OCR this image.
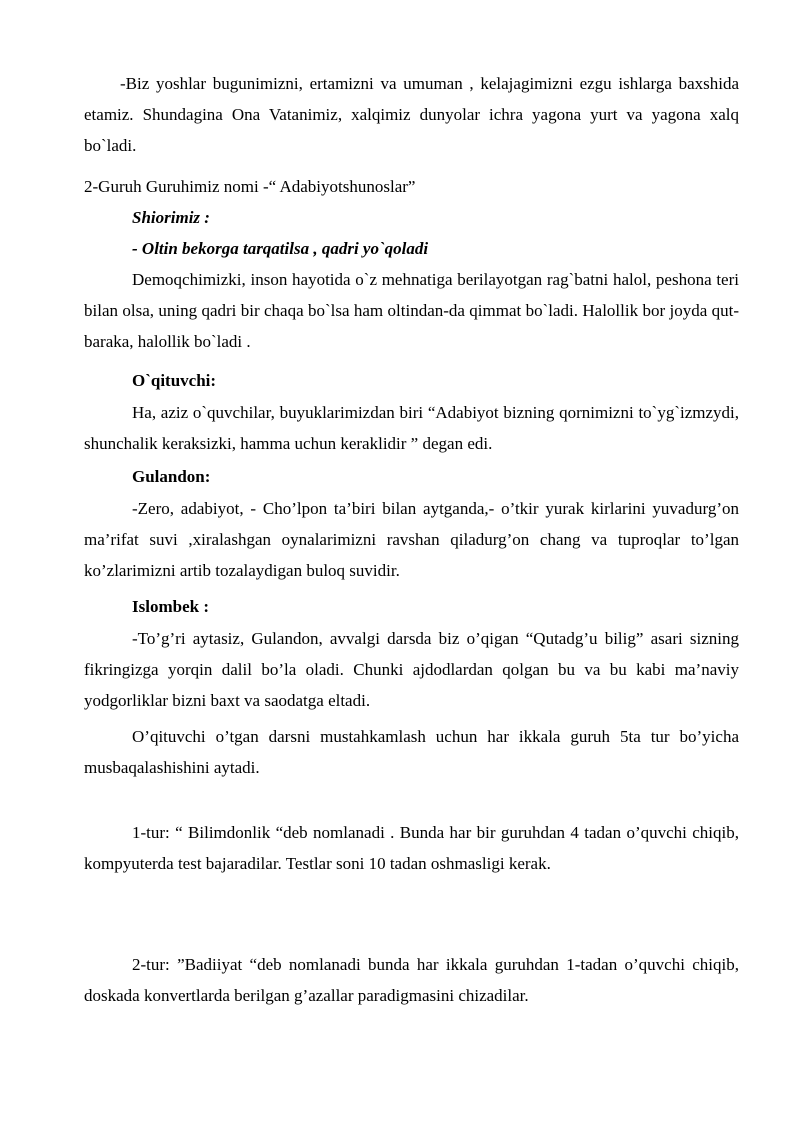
-Biz yoshlar bugunimizni, ertamizni va umuman , kelajagimizni ezgu ishlarga baxshida etamiz. Shundagina Ona Vatanimiz, xalqimiz dunyolar ichra yagona yurt va yagona xalq bo`ladi.

2-Guruh Guruhimiz nomi -“ Adabiyotshunoslar”

Shiorimiz :

- Oltin bekorga tarqatilsa , qadri yo`qoladi

Demoqchimizki, inson hayotida o`z mehnatiga berilayotgan rag`batni halol, peshona teri bilan olsa, uning qadri bir chaqa bo`lsa ham oltindan-da qimmat bo`ladi. Halollik bor joyda qut- baraka, halollik bo`ladi .

O`qituvchi:

Ha, aziz o`quvchilar, buyuklarimizdan biri “Adabiyot bizning qornimizni to`yg`izmzydi, shunchalik keraksizki, hamma uchun keraklidir ” degan edi.

Gulandon:

-Zero, adabiyot, - Cho’lpon ta’biri bilan aytganda,- o’tkir yurak kirlarini yuvadurg’on ma’rifat suvi ,xiralashgan oynalarimizni ravshan qiladurg’on chang va tuproqlar to’lgan ko’zlarimizni artib tozalaydigan buloq suvidir.

Islombek :

-To’g’ri aytasiz, Gulandon, avvalgi darsda biz o’qigan “Qutadg’u bilig” asari sizning fikringizga yorqin dalil bo’la oladi. Chunki ajdodlardan qolgan bu va bu kabi ma’naviy yodgorliklar bizni baxt va saodatga eltadi.

O’qituvchi o’tgan darsni mustahkamlash uchun har ikkala guruh 5ta tur bo’yicha musbaqalashishini aytadi.

1-tur: “ Bilimdonlik “deb nomlanadi . Bunda har bir guruhdan 4 tadan o’quvchi chiqib, kompyuterda test bajaradilar. Testlar soni 10 tadan oshmasligi kerak.

2-tur: ”Badiiyat “deb nomlanadi bunda har ikkala guruhdan 1-tadan o’quvchi chiqib, doskada konvertlarda berilgan g’azallar paradigmasini chizadilar.
